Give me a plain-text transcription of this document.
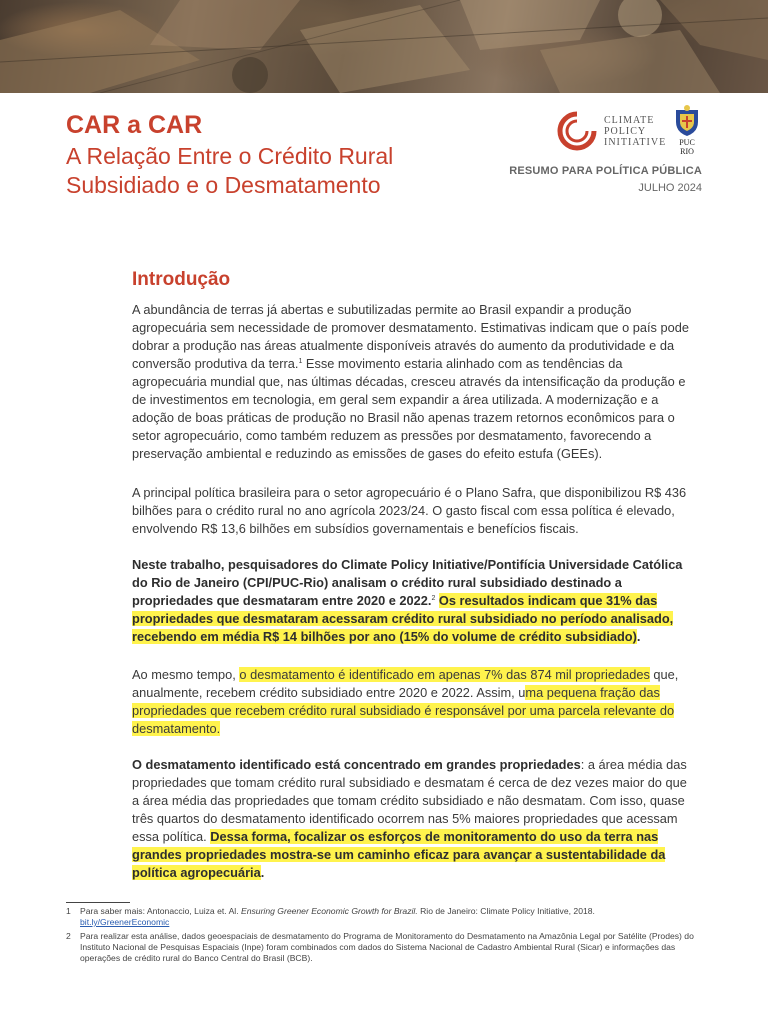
CAR a CAR
A Relação Entre o Crédito Rural Subsidiado e o Desmatamento
CLIMATE POLICY INITIATIVE	PUC RIO
RESUMO PARA POLÍTICA PÚBLICA
JULHO 2024
Introdução

A abundância de terras já abertas e subutilizadas permite ao Brasil expandir a produção agropecuária sem necessidade de promover desmatamento. Estimativas indicam que o país pode dobrar a produção nas áreas atualmente disponíveis através do aumento da produtividade e da conversão produtiva da terra.$^1$ Esse movimento estaria alinhado com as tendências da agropecuária mundial que, nas últimas décadas, cresceu através da intensificação da produção e de investimentos em tecnologia, em geral sem expandir a área utilizada. A modernização e a adoção de boas práticas de produção no Brasil não apenas trazem retornos econômicos para o setor agropecuário, como também reduzem as pressões por desmatamento, favorecendo a preservação ambiental e reduzindo as emissões de gases do efeito estufa (GEEs).

A principal política brasileira para o setor agropecuário é o Plano Safra, que disponibilizou R$ 436 bilhões para o crédito rural no ano agrícola 2023/24. O gasto fiscal com essa política é elevado, envolvendo R$ 13,6 bilhões em subsídios governamentais e benefícios fiscais.

Neste trabalho, pesquisadores do Climate Policy Initiative/Pontifícia Universidade Católica do Rio de Janeiro (CPI/PUC-Rio) analisam o crédito rural subsidiado destinado a propriedades que desmataram entre 2020 e 2022.$^2$ Os resultados indicam que 31% das propriedades que desmataram acessaram crédito rural subsidiado no período analisado, recebendo em média R$ 14 bilhões por ano (15% do volume de crédito subsidiado).

Ao mesmo tempo, o desmatamento é identificado em apenas 7% das 874 mil propriedades que, anualmente, recebem crédito subsidiado entre 2020 e 2022. Assim, uma pequena fração das propriedades que recebem crédito rural subsidiado é responsável por uma parcela relevante do desmatamento.

O desmatamento identificado está concentrado em grandes propriedades: a área média das propriedades que tomam crédito rural subsidiado e desmatam é cerca de dez vezes maior do que a área média das propriedades que tomam crédito subsidiado e não desmatam. Com isso, quase três quartos do desmatamento identificado ocorrem nas 5% maiores propriedades que acessam essa política. Dessa forma, focalizar os esforços de monitoramento do uso da terra nas grandes propriedades mostra-se um caminho eficaz para avançar a sustentabilidade da política agropecuária.

1 Para saber mais: Antonaccio, Luiza et. Al. Ensuring Greener Economic Growth for Brazil. Rio de Janeiro: Climate Policy Initiative, 2018.
bit.ly/GreenerEconomic
2 Para realizar esta análise, dados geoespaciais de desmatamento do Programa de Monitoramento do Desmatamento na Amazônia Legal por Satélite (Prodes) do Instituto Nacional de Pesquisas Espaciais (Inpe) foram combinados com dados do Sistema Nacional de Cadastro Ambiental Rural (Sicar) e informações das operações de crédito rural do Banco Central do Brasil (BCB).
